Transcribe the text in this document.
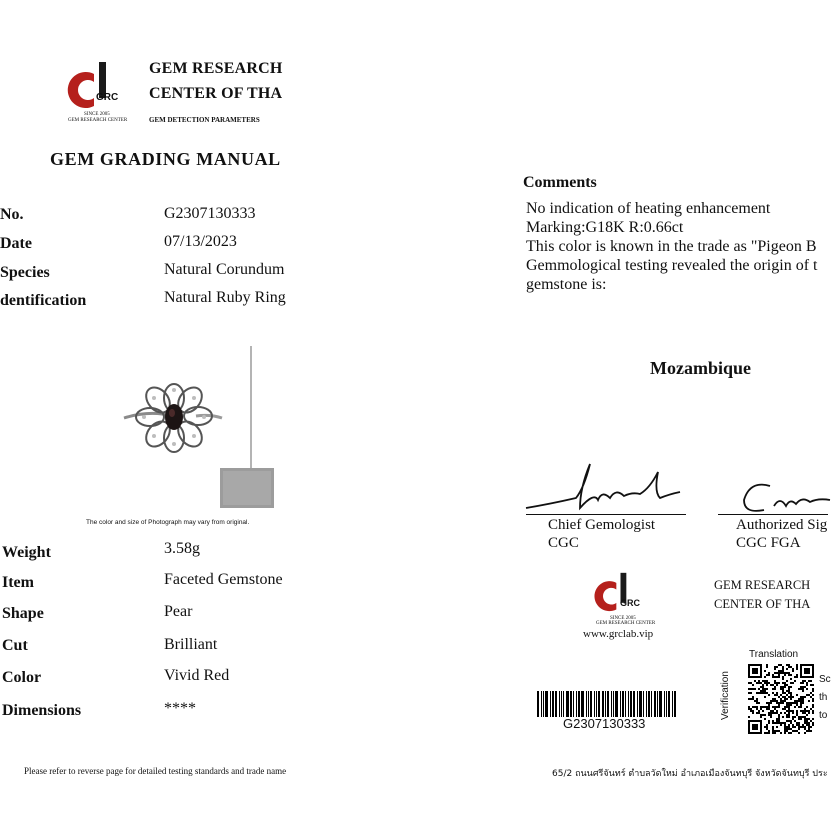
GRC
SINCE 2005
GEM RESEARCH CENTER
GEM RESEARCH
CENTER OF THA
GEM DETECTION PARAMETERS
GEM GRADING MANUAL
No.	G2307130333
Date	07/13/2023
Species	Natural Corundum
dentification	Natural Ruby Ring
The color and size of Photograph may vary from original.
Weight	3.58g
Item	Faceted Gemstone
Shape	Pear
Cut	Brilliant
Color	Vivid Red
Dimensions	****
Please refer to reverse page for detailed testing standards and trade name
Comments
No indication of heating enhancement
Marking:G18K R:0.66ct
This color is known in the trade as "Pigeon B
Gemmological testing revealed the origin of t
gemstone is:
Mozambique
Chief Gemologist
CGC
Authorized Sig
CGC FGA
GRC
SINCE 2005
GEM RESEARCH CENTER
www.grclab.vip
GEM RESEARCH
CENTER OF THA
G2307130333
Translation
Verification	Sc
th
to
65/2 ถนนศรีจันทร์ ตำบลวัดใหม่ อำเภอเมืองจันทบุรี จังหวัดจันทบุรี ประ
